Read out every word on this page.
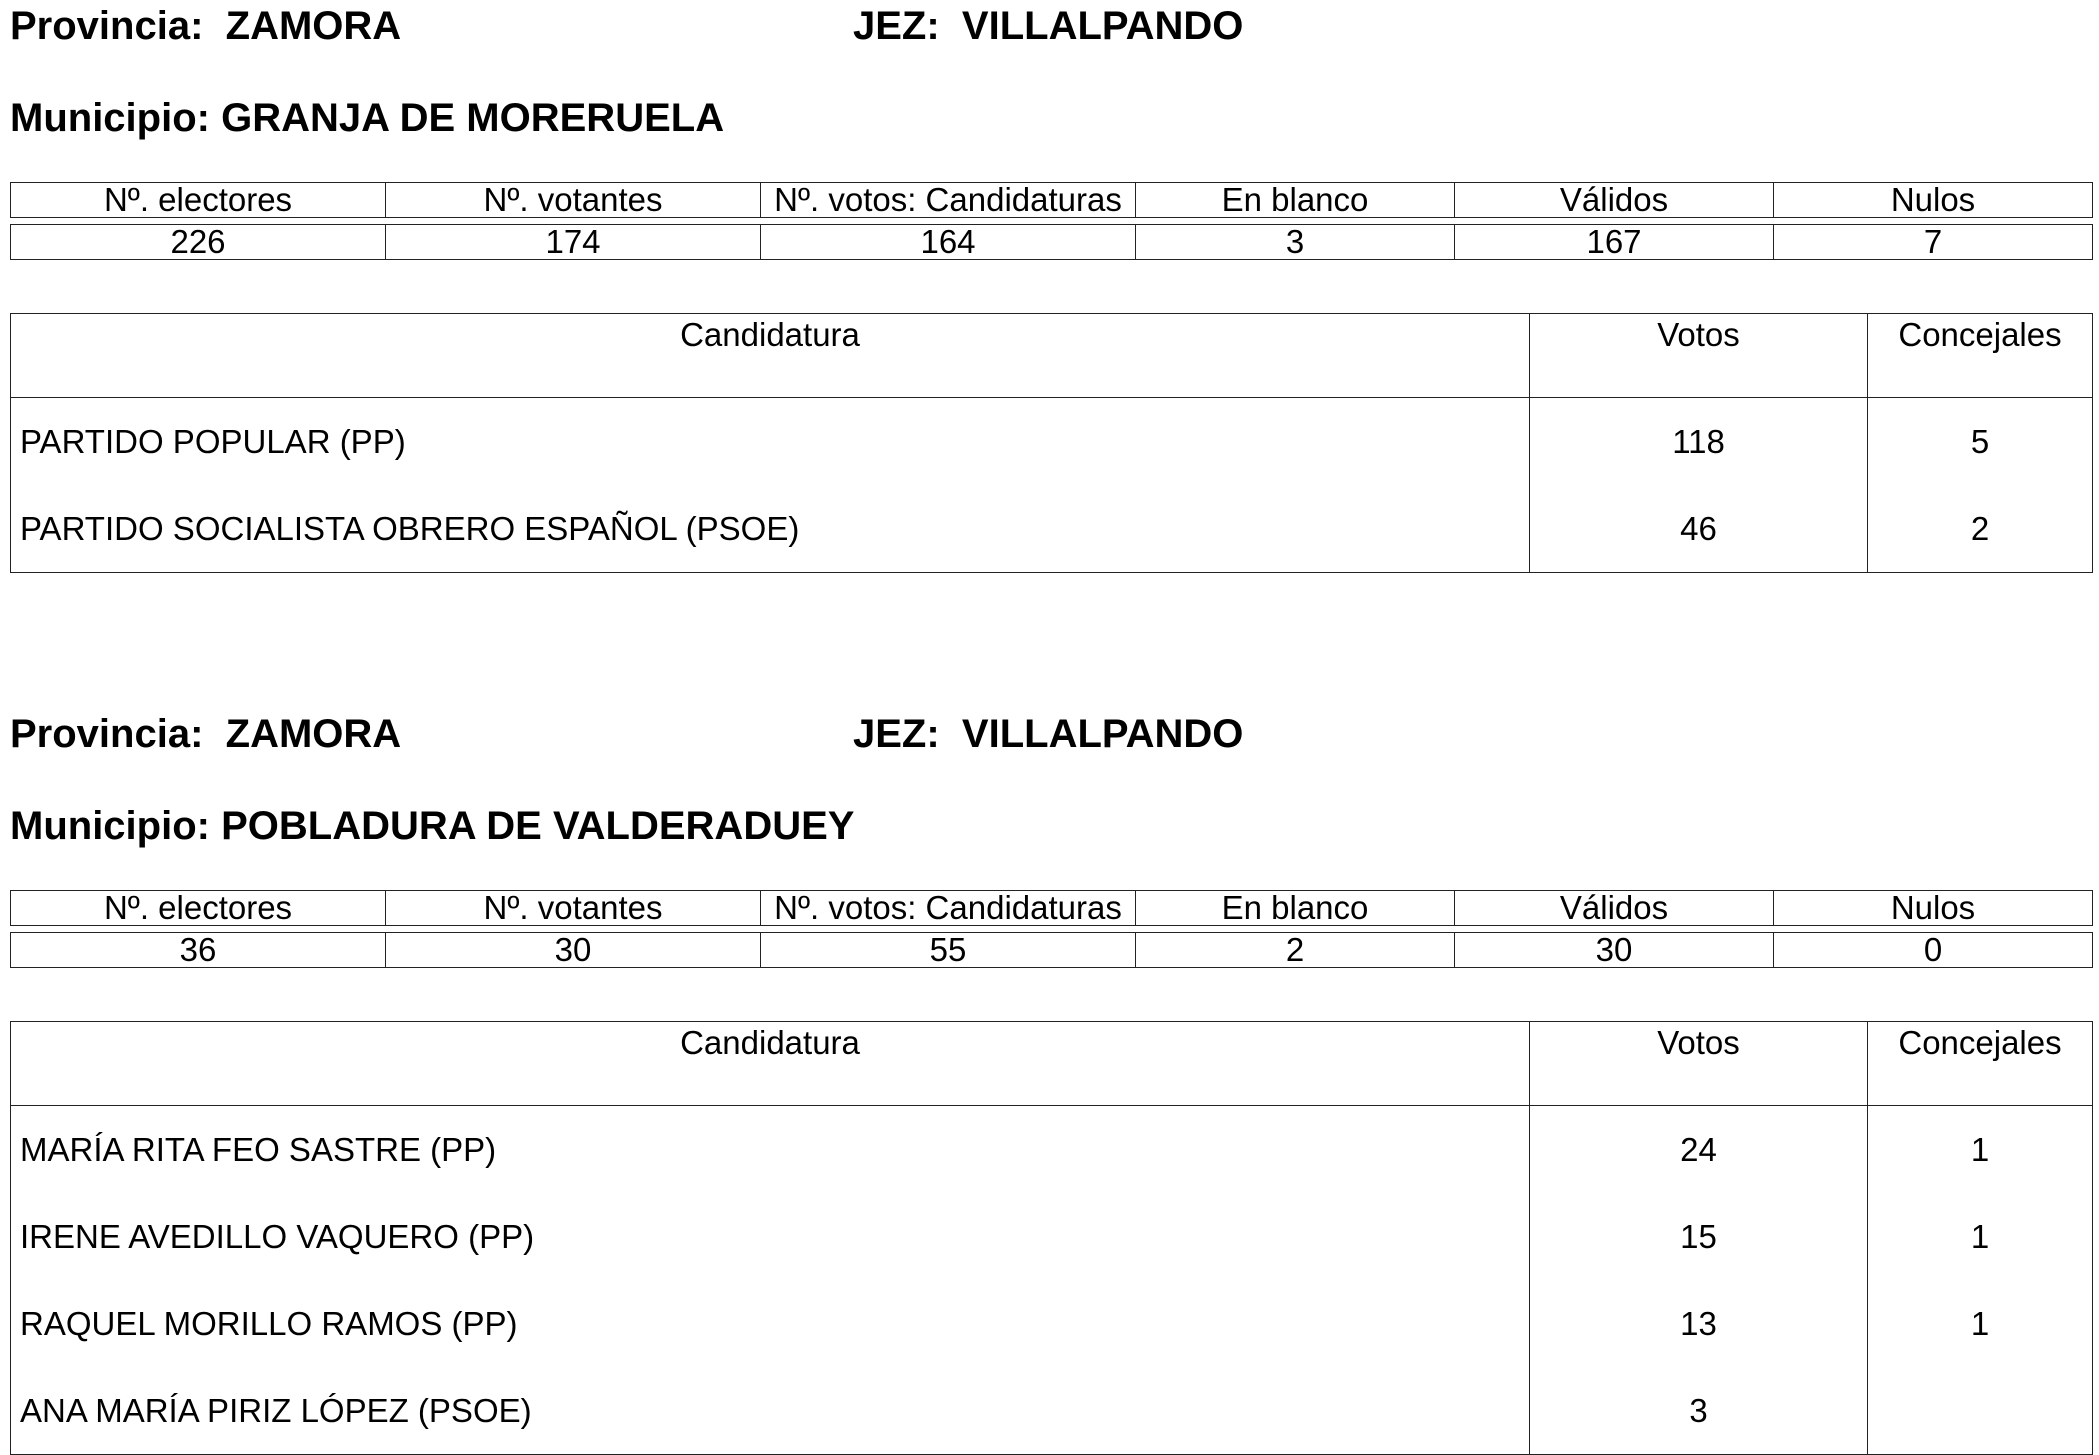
Provincia: ZAMORA	JEZ: VILLALPANDO
Municipio: GRANJA DE MORERUELA
Nº. electores	Nº. votantes	Nº. votos: Candidaturas	En blanco	Válidos	Nulos

226	174	164	3	167	7
Candidatura	Votos	Concejales
PARTIDO POPULAR (PP)	118	5
PARTIDO SOCIALISTA OBRERO ESPAÑOL (PSOE)	46	2
Provincia: ZAMORA	JEZ: VILLALPANDO
Municipio: POBLADURA DE VALDERADUEY
Nº. electores	Nº. votantes	Nº. votos: Candidaturas	En blanco	Válidos	Nulos

36	30	55	2	30	0
Candidatura	Votos	Concejales
MARÍA RITA FEO SASTRE (PP)	24	1
IRENE AVEDILLO VAQUERO (PP)	15	1
RAQUEL MORILLO RAMOS (PP)	13	1
ANA MARÍA PIRIZ LÓPEZ (PSOE)	3	
